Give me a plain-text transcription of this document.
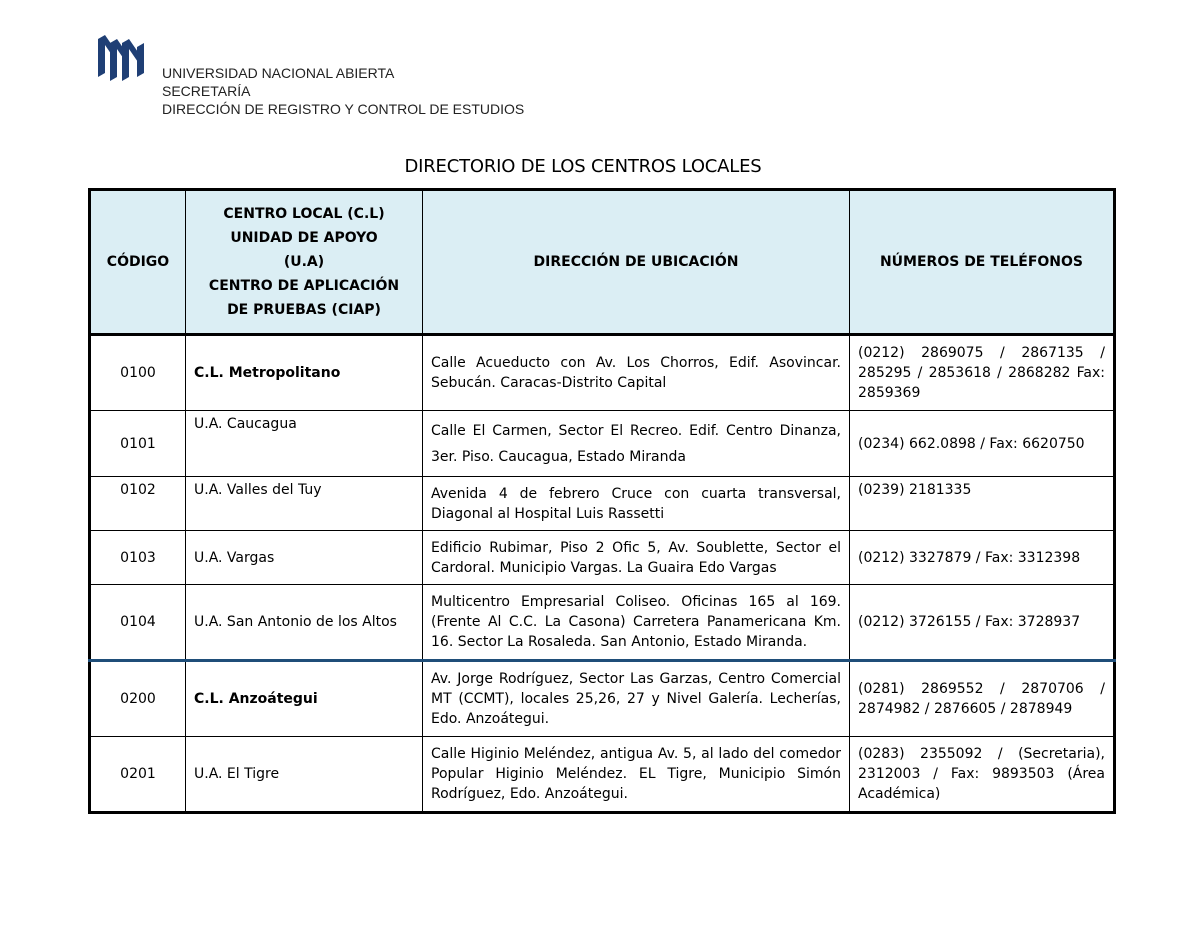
UNIVERSIDAD NACIONAL ABIERTA
SECRETARÍA
DIRECCIÓN DE REGISTRO Y CONTROL DE ESTUDIOS
DIRECTORIO DE LOS CENTROS LOCALES
CÓDIGO	CENTRO LOCAL (C.L)
UNIDAD DE APOYO
(U.A)
CENTRO DE APLICACIÓN
DE PRUEBAS (CIAP)	DIRECCIÓN DE UBICACIÓN	NÚMEROS DE TELÉFONOS
0100	C.L. Metropolitano	Calle Acueducto con Av. Los Chorros, Edif. Asovincar. Sebucán. Caracas-Distrito Capital	(0212) 2869075 / 2867135 / 285295 / 2853618 / 2868282 Fax: 2859369
0101	U.A. Caucagua	Calle El Carmen, Sector El Recreo. Edif. Centro Dinanza, 3er. Piso. Caucagua, Estado Miranda	(0234) 662.0898 / Fax: 6620750
0102	U.A. Valles del Tuy	Avenida 4 de febrero Cruce con cuarta transversal, Diagonal al Hospital Luis Rassetti	(0239) 2181335
0103	U.A. Vargas	Edificio Rubimar, Piso 2 Ofic 5, Av. Soublette, Sector el Cardoral. Municipio Vargas. La Guaira Edo Vargas	(0212) 3327879 / Fax: 3312398
0104	U.A. San Antonio de los Altos	Multicentro Empresarial Coliseo. Oficinas 165 al 169. (Frente Al C.C. La Casona) Carretera Panamericana Km. 16. Sector La Rosaleda. San Antonio, Estado Miranda.	(0212) 3726155 / Fax: 3728937
0200	C.L. Anzoátegui	Av. Jorge Rodríguez, Sector Las Garzas, Centro Comercial MT (CCMT), locales 25,26, 27 y Nivel Galería. Lecherías, Edo. Anzoátegui.	(0281) 2869552 / 2870706 / 2874982 / 2876605 / 2878949
0201	U.A. El Tigre	Calle Higinio Meléndez, antigua Av. 5, al lado del comedor Popular Higinio Meléndez. EL Tigre, Municipio Simón Rodríguez, Edo. Anzoátegui.	(0283) 2355092 / (Secretaria), 2312003 / Fax: 9893503 (Área Académica)
